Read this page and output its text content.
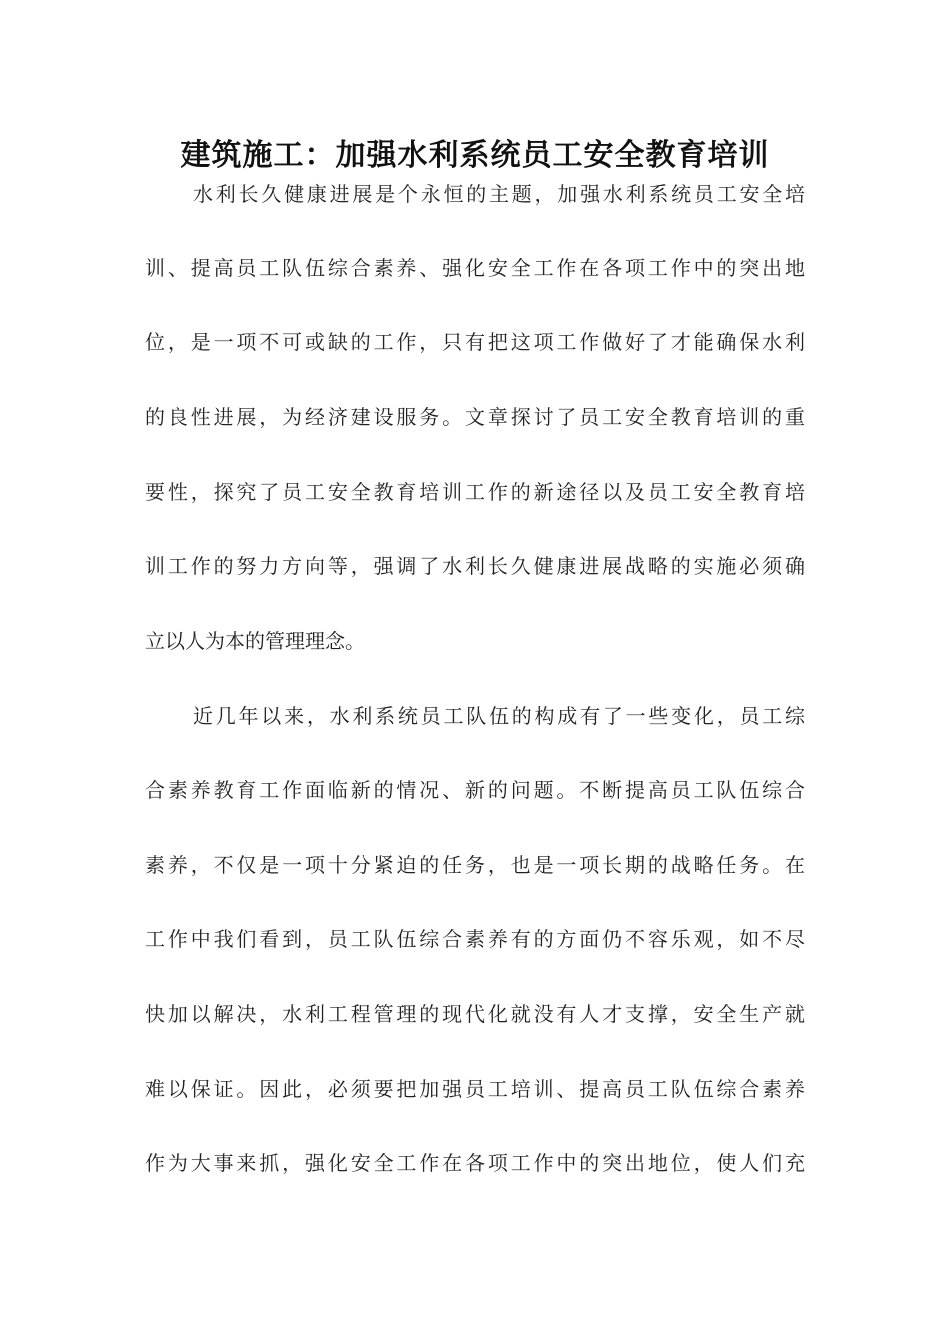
建筑施工：加强水利系统员工安全教育培训
水利长久健康进展是个永恒的主题，加强水利系统员工安全培
训、提高员工队伍综合素养、强化安全工作在各项工作中的突出地
位，是一项不可或缺的工作，只有把这项工作做好了才能确保水利
的良性进展，为经济建设服务。文章探讨了员工安全教育培训的重
要性，探究了员工安全教育培训工作的新途径以及员工安全教育培
训工作的努力方向等，强调了水利长久健康进展战略的实施必须确
立以人为本的管理理念。
近几年以来，水利系统员工队伍的构成有了一些变化，员工综
合素养教育工作面临新的情况、新的问题。不断提高员工队伍综合
素养，不仅是一项十分紧迫的任务，也是一项长期的战略任务。在
工作中我们看到，员工队伍综合素养有的方面仍不容乐观，如不尽
快加以解决，水利工程管理的现代化就没有人才支撑，安全生产就
难以保证。因此，必须要把加强员工培训、提高员工队伍综合素养
作为大事来抓，强化安全工作在各项工作中的突出地位，使人们充
